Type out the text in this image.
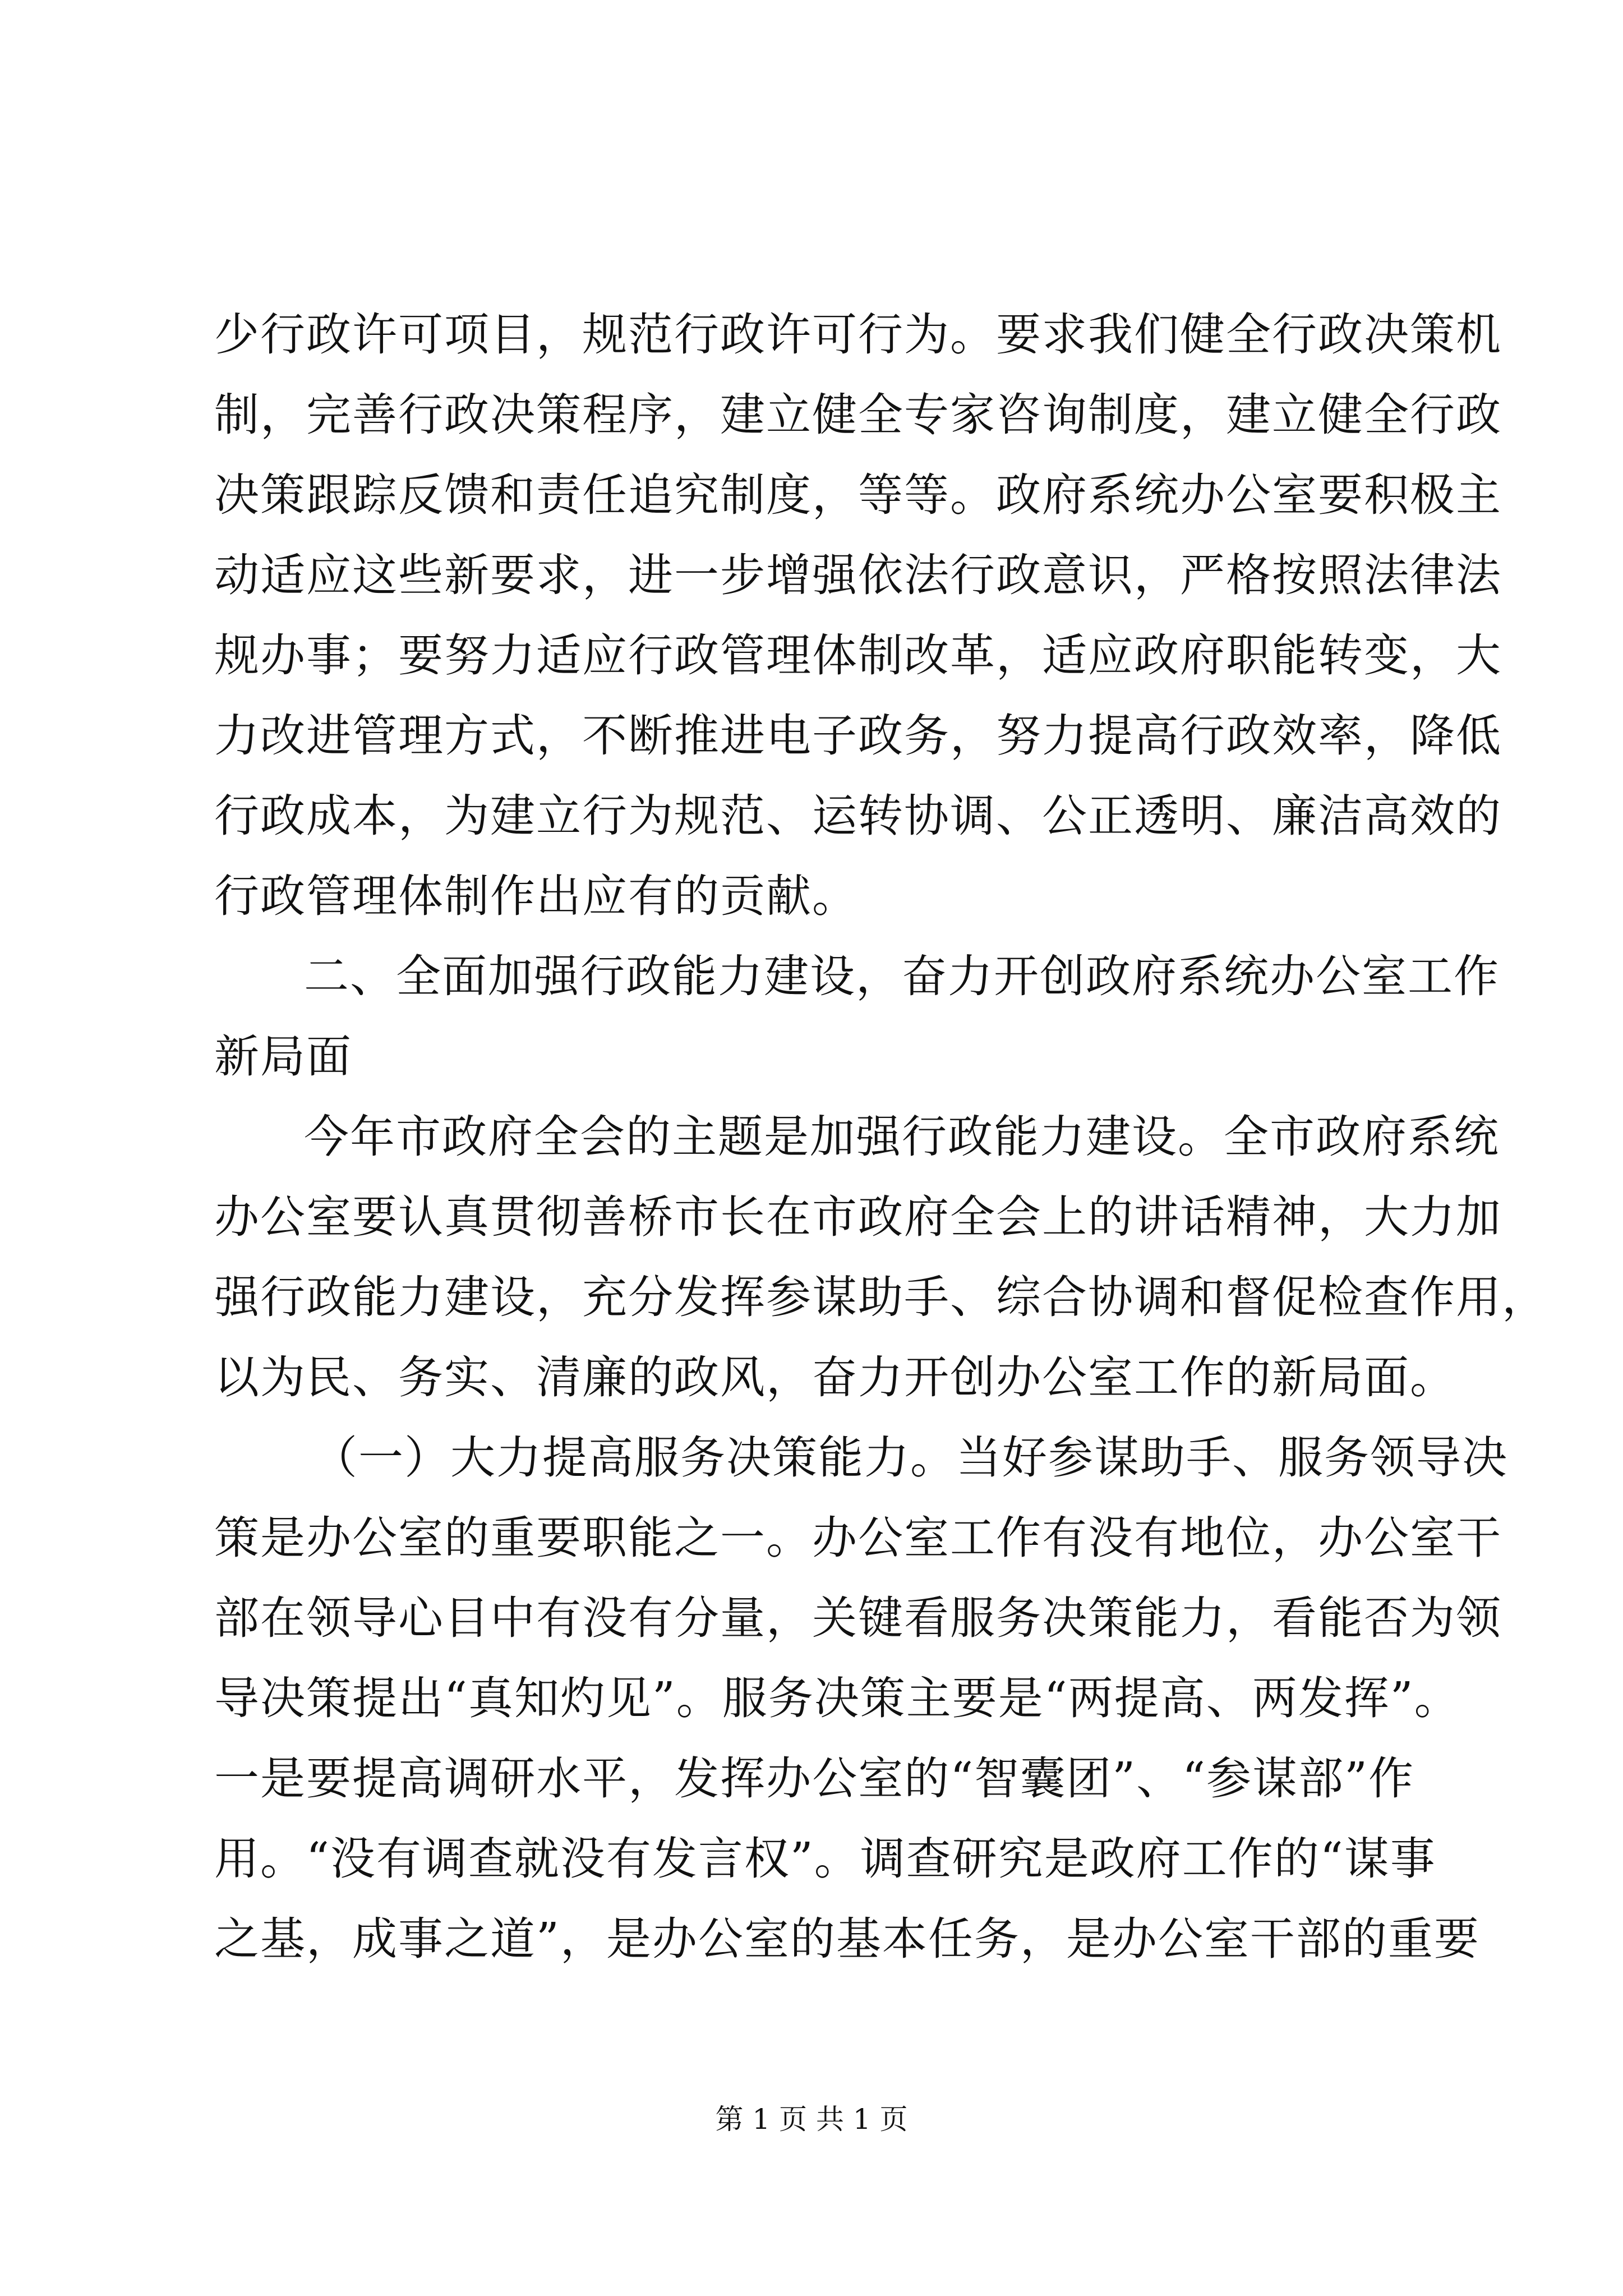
少行政许可项目，规范行政许可行为。要求我们健全行政决策机
制，完善行政决策程序，建立健全专家咨询制度，建立健全行政
决策跟踪反馈和责任追究制度，等等。政府系统办公室要积极主
动适应这些新要求，进一步增强依法行政意识，严格按照法律法
规办事；要努力适应行政管理体制改革，适应政府职能转变，大
力改进管理方式，不断推进电子政务，努力提高行政效率，降低
行政成本，为建立行为规范、运转协调、公正透明、廉洁高效的
行政管理体制作出应有的贡献。
二、全面加强行政能力建设，奋力开创政府系统办公室工作
新局面
今年市政府全会的主题是加强行政能力建设。全市政府系统
办公室要认真贯彻善桥市长在市政府全会上的讲话精神，大力加
强行政能力建设，充分发挥参谋助手、综合协调和督促检查作用，
以为民、务实、清廉的政风，奋力开创办公室工作的新局面。
（一）大力提高服务决策能力。当好参谋助手、服务领导决
策是办公室的重要职能之一。办公室工作有没有地位，办公室干
部在领导心目中有没有分量，关键看服务决策能力，看能否为领
导决策提出“真知灼见”。服务决策主要是“两提高、两发挥”。
一是要提高调研水平，发挥办公室的“智囊团”、“参谋部”作
用。“没有调查就没有发言权”。调查研究是政府工作的“谋事
之基，成事之道”，是办公室的基本任务，是办公室干部的重要
第 1 页 共 1 页
